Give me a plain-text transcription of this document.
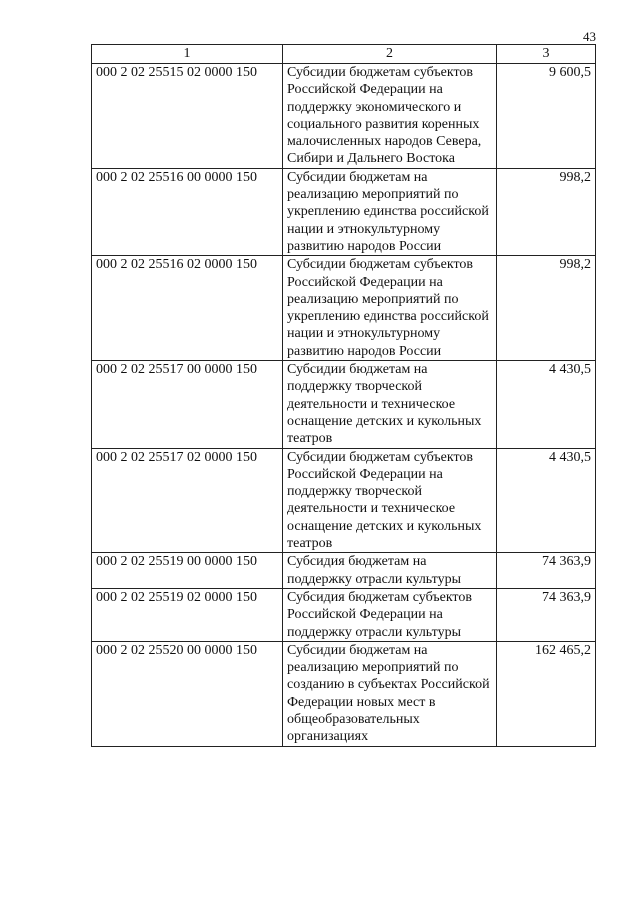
43
1	2	3
000 2 02 25515 02 0000 150	Субсидии бюджетам субъектов Российской Федерации на поддержку экономического и социального развития коренных малочисленных народов Севера, Сибири и Дальнего Востока	9 600,5
000 2 02 25516 00 0000 150	Субсидии бюджетам на реализацию мероприятий по укреплению единства российской нации и этнокультурному развитию народов России	998,2
000 2 02 25516 02 0000 150	Субсидии бюджетам субъектов Российской Федерации на реализацию мероприятий по укреплению единства российской нации и этнокультурному развитию народов России	998,2
000 2 02 25517 00 0000 150	Субсидии бюджетам на поддержку творческой деятельности и техническое оснащение детских и кукольных театров	4 430,5
000 2 02 25517 02 0000 150	Субсидии бюджетам субъектов Российской Федерации на поддержку творческой деятельности и техническое оснащение детских и кукольных театров	4 430,5
000 2 02 25519 00 0000 150	Субсидия бюджетам на поддержку отрасли культуры	74 363,9
000 2 02 25519 02 0000 150	Субсидия бюджетам субъектов Российской Федерации на поддержку отрасли культуры	74 363,9
000 2 02 25520 00 0000 150	Субсидии бюджетам на реализацию мероприятий по созданию в субъектах Российской Федерации новых мест в общеобразовательных организациях	162 465,2
